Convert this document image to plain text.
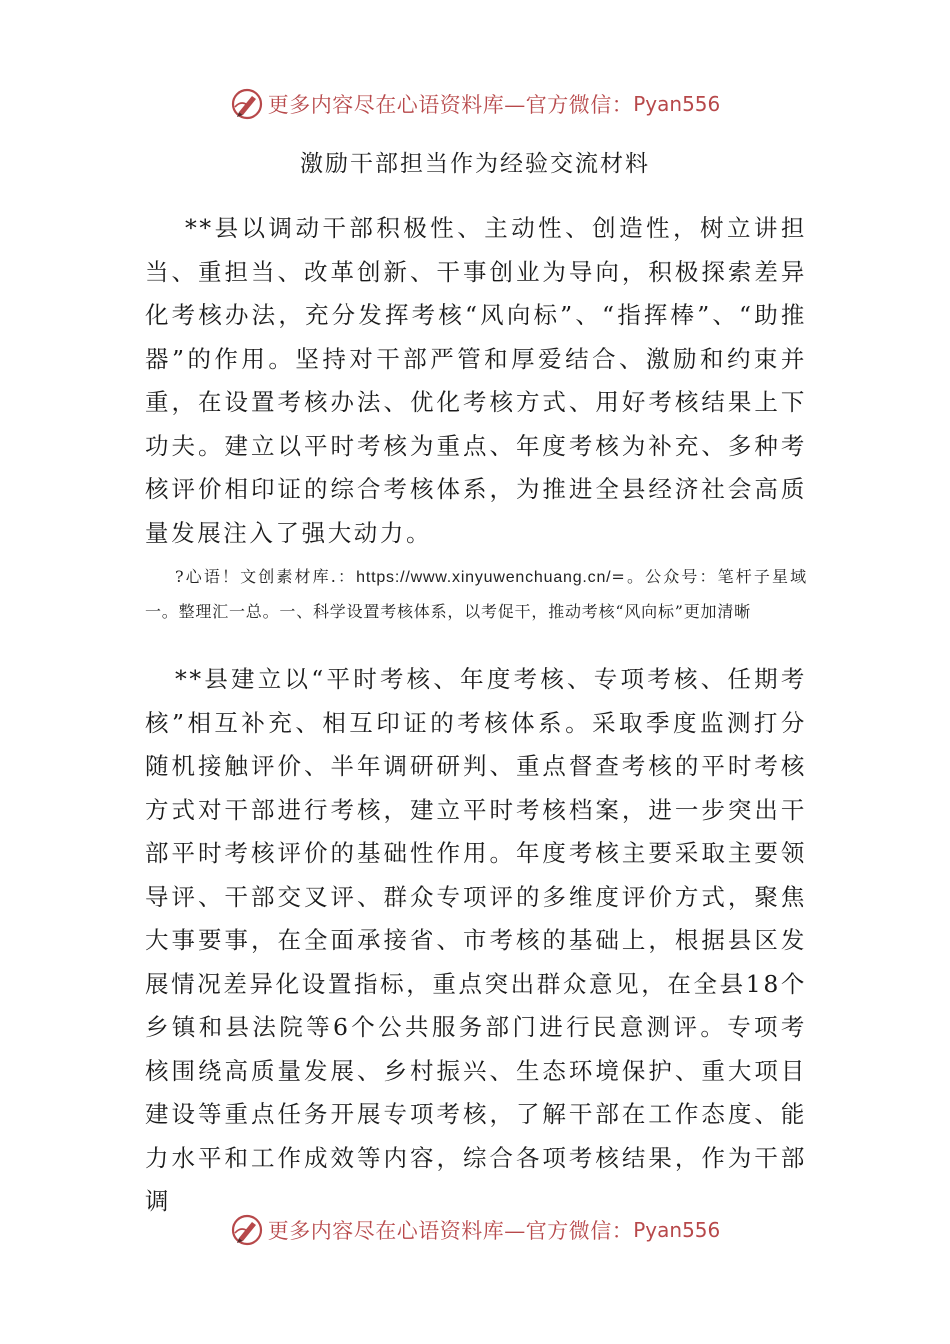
更多内容尽在心语资料库—官方微信： Pyan556
激励干部担当作为经验交流材料

**县以调动干部积极性、主动性、创造性，树立讲担当、重担当、改革创新、干事创业为导向，积极探索差异化考核办法，充分发挥考核“风向标”、“指挥棒”、“助推器”的作用。坚持对干部严管和厚爱结合、激励和约束并重，在设置考核办法、优化考核方式、用好考核结果上下功夫。建立以平时考核为重点、年度考核为补充、多种考核评价相印证的综合考核体系，为推进全县经济社会高质量发展注入了强大动力。

?心语！文创素材库.：https://www.xinyuwenchuang.cn/=。公众号：笔杆子星域一。整理汇一总。一、科学设置考核体系，以考促干，推动考核“风向标”更加清晰

**县建立以“平时考核、年度考核、专项考核、任期考核”相互补充、相互印证的考核体系。采取季度监测打分随机接触评价、半年调研研判、重点督查考核的平时考核方式对干部进行考核，建立平时考核档案，进一步突出干部平时考核评价的基础性作用。年度考核主要采取主要领导评、干部交叉评、群众专项评的多维度评价方式，聚焦大事要事，在全面承接省、市考核的基础上，根据县区发展情况差异化设置指标，重点突出群众意见，在全县18个乡镇和县法院等6个公共服务部门进行民意测评。专项考核围绕高质量发展、乡村振兴、生态环境保护、重大项目建设等重点任务开展专项考核，了解干部在工作态度、能力水平和工作成效等内容，综合各项考核结果，作为干部调

更多内容尽在心语资料库—官方微信： Pyan556
